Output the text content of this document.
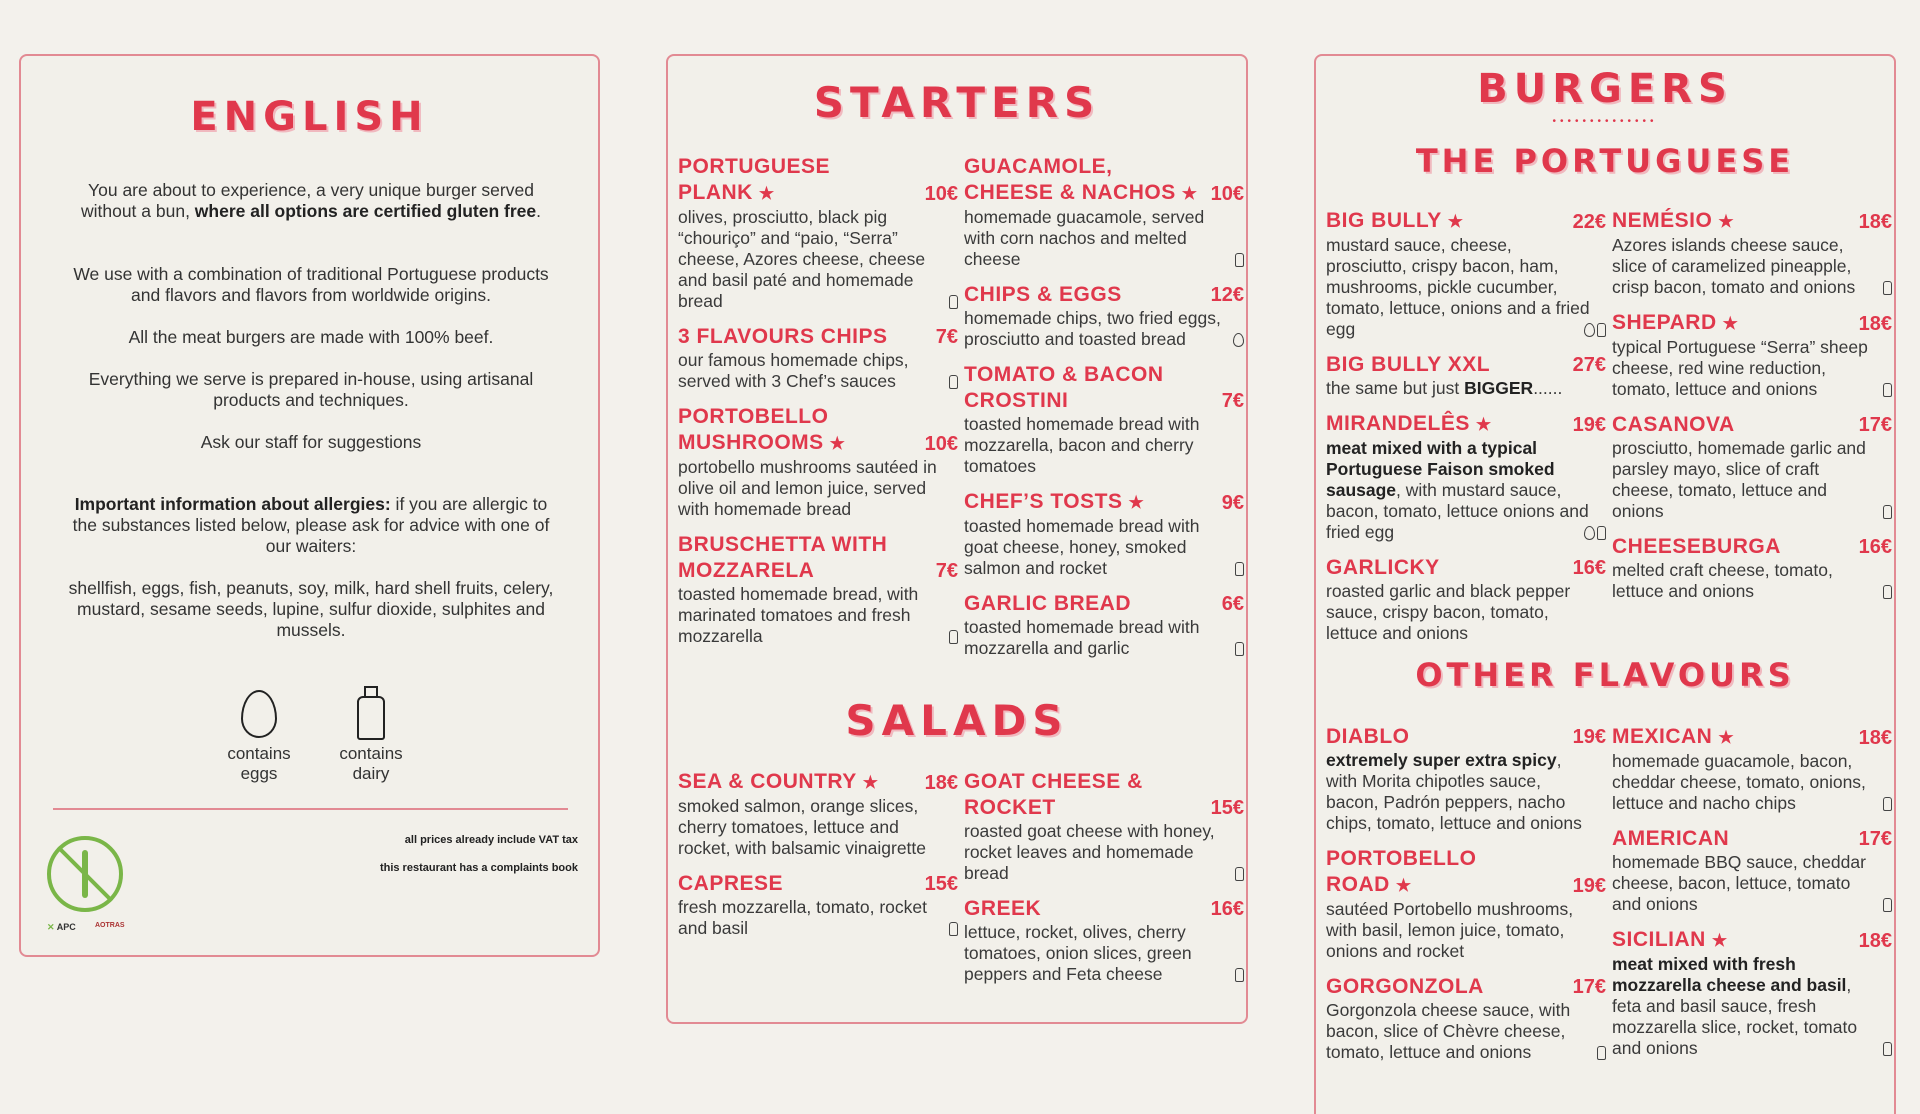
ENGLISH
You are about to experience, a very unique burger served without a bun, where all options are certified gluten free.
We use with a combination of traditional Portuguese products and flavors and flavors from worldwide origins.
All the meat burgers are made with 100% beef.
Everything we serve is prepared in-house, using artisanal products and techniques.
Ask our staff for suggestions
Important information about allergies: if you are allergic to the substances listed below, please ask for advice with one of our waiters:
shellfish, eggs, fish, peanuts, soy, milk, hard shell fruits, celery, mustard, sesame seeds, lupine, sulfur dioxide, sulphites and mussels.
contains eggs
contains dairy
all prices already include VAT tax
this restaurant has a complaints book
✕ APC	AOTRAS
STARTERS
PORTUGUESE PLANK ★	10€
olives, prosciutto, black pig “chouriço” and “paio, “Serra” cheese, Azores cheese, cheese and basil paté and homemade bread
3 FLAVOURS CHIPS 7€
our famous homemade chips, served with 3 Chef’s sauces
PORTOBELLO MUSHROOMS ★	10€
portobello mushrooms sautéed in olive oil and lemon juice, served with homemade bread
BRUSCHETTA WITH MOZZARELA	7€
toasted homemade bread, with marinated tomatoes and fresh mozzarella
GUACAMOLE, CHEESE & NACHOS ★ 10€
homemade guacamole, served with corn nachos and melted cheese
CHIPS & EGGS	12€
homemade chips, two fried eggs, prosciutto and toasted bread
TOMATO & BACON CROSTINI	7€
toasted homemade bread with mozzarella, bacon and cherry tomatoes
CHEF’S TOSTS ★	9€
toasted homemade bread with goat cheese, honey, smoked salmon and rocket
GARLIC BREAD	6€
toasted homemade bread with mozzarella and garlic
SALADS
SEA & COUNTRY ★ 18€
smoked salmon, orange slices, cherry tomatoes, lettuce and rocket, with balsamic vinaigrette
CAPRESE	15€
fresh mozzarella, tomato, rocket and basil
GOAT CHEESE & ROCKET	15€
roasted goat cheese with honey, rocket leaves and homemade bread
GREEK	16€
lettuce, rocket, olives, cherry tomatoes, onion slices, green peppers and Feta cheese
BURGERS
••••••••••••••
THE PORTUGUESE
BIG BULLY ★	22€
mustard sauce, cheese, prosciutto, crispy bacon, ham, mushrooms, pickle cucumber, tomato, lettuce, onions and a fried egg
BIG BULLY XXL	27€
the same but just BIGGER......
MIRANDELÊS ★	19€
meat mixed with a typical Portuguese Faison smoked sausage, with mustard sauce, bacon, tomato, lettuce onions and fried egg
GARLICKY	16€
roasted garlic and black pepper sauce, crispy bacon, tomato, lettuce and onions
NEMÉSIO ★	18€
Azores islands cheese sauce, slice of caramelized pineapple, crisp bacon, tomato and onions
SHEPARD ★	18€
typical Portuguese “Serra” sheep cheese, red wine reduction, tomato, lettuce and onions
CASANOVA	17€
prosciutto, homemade garlic and parsley mayo, slice of craft cheese, tomato, lettuce and onions
CHEESEBURGA	16€
melted craft cheese, tomato, lettuce and onions
OTHER FLAVOURS
DIABLO	19€
extremely super extra spicy, with Morita chipotles sauce, bacon, Padrón peppers, nacho chips, tomato, lettuce and onions
PORTOBELLO ROAD ★	19€
sautéed Portobello mushrooms, with basil, lemon juice, tomato, onions and rocket
GORGONZOLA	17€
Gorgonzola cheese sauce, with bacon, slice of Chèvre cheese, tomato, lettuce and onions
MEXICAN ★	18€
homemade guacamole, bacon, cheddar cheese, tomato, onions, lettuce and nacho chips
AMERICAN	17€
homemade BBQ sauce, cheddar cheese, bacon, lettuce, tomato and onions
SICILIAN ★	18€
meat mixed with fresh mozzarella cheese and basil, feta and basil sauce, fresh mozzarella slice, rocket, tomato and onions
